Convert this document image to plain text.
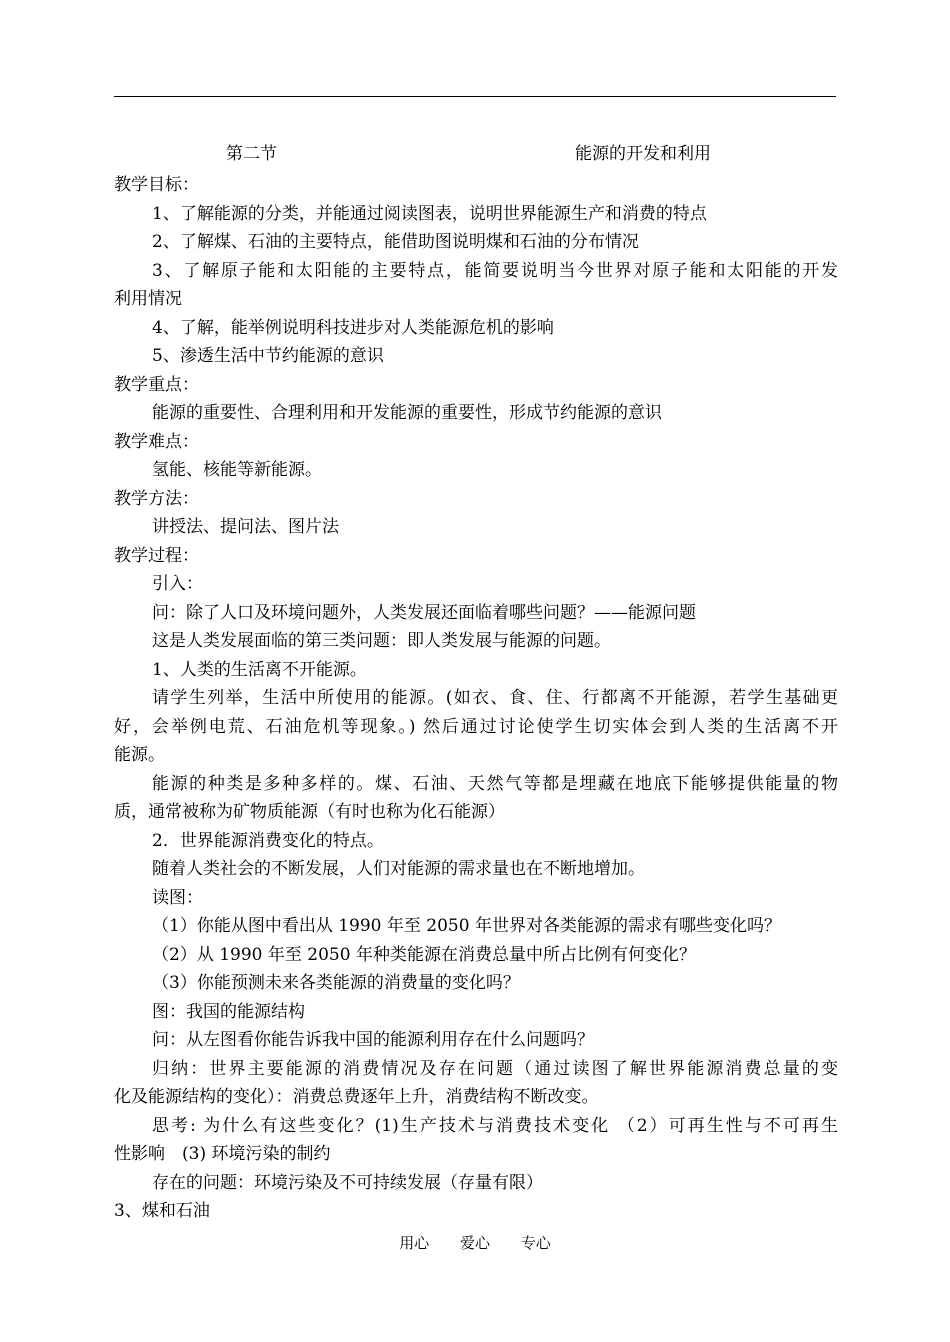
第二节	能源的开发和利用
教学目标：
1、了解能源的分类，并能通过阅读图表，说明世界能源生产和消费的特点
2、了解煤、石油的主要特点，能借助图说明煤和石油的分布情况
3、了解原子能和太阳能的主要特点，能简要说明当今世界对原子能和太阳能的开发
利用情况
4、了解，能举例说明科技进步对人类能源危机的影响
5、渗透生活中节约能源的意识
教学重点：
能源的重要性、合理利用和开发能源的重要性，形成节约能源的意识
教学难点：
氢能、核能等新能源。
教学方法：
讲授法、提问法、图片法
教学过程：
引入：
问：除了人口及环境问题外，人类发展还面临着哪些问题？——能源问题
这是人类发展面临的第三类问题：即人类发展与能源的问题。
1、人类的生活离不开能源。
请学生列举，生活中所使用的能源。(如衣、食、住、行都离不开能源，若学生基础更
好，会举例电荒、石油危机等现象。) 然后通过讨论使学生切实体会到人类的生活离不开
能源。
能源的种类是多种多样的。煤、石油、天然气等都是埋藏在地底下能够提供能量的物
质，通常被称为矿物质能源（有时也称为化石能源）
2．世界能源消费变化的特点。
随着人类社会的不断发展，人们对能源的需求量也在不断地增加。
读图：
（1）你能从图中看出从 1990 年至 2050 年世界对各类能源的需求有哪些变化吗？
（2）从 1990 年至 2050 年种类能源在消费总量中所占比例有何变化？
（3）你能预测未来各类能源的消费量的变化吗？
图：我国的能源结构
问：从左图看你能告诉我中国的能源利用存在什么问题吗？
归纳：世界主要能源的消费情况及存在问题（通过读图了解世界能源消费总量的变
化及能源结构的变化）：消费总费逐年上升，消费结构不断改变。
思考: 为什么有这些变化？(1)生产技术与消费技术变化 （2）可再生性与不可再生
性影响　(3) 环境污染的制约
存在的问题：环境污染及不可持续发展（存量有限）
3、煤和石油
用心 爱心 专心
